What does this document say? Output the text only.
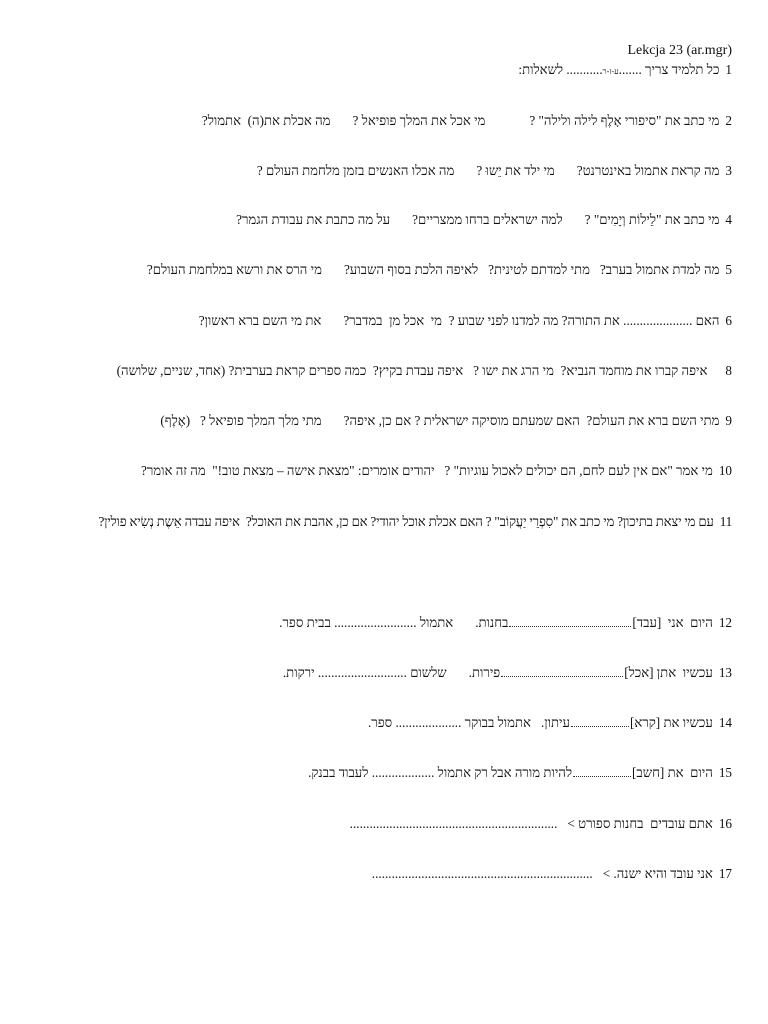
Lekcja 23 (ar.mgr)
1כל תלמיד צריך .......ע-ז-ר........... לשאלות:
2מי כתב את "סיפורי אָלֶף לילה ולילה" ?מי אכל את המלך פופיאל ?מה אכלת את(ה)  אתמול?
3מה קראת אתמול באינטרנט?מי ילד את יֵשוּ ?מה אכלו האנשים בזמן מלחמת העולם ?
4מי כתב את "לֵילוֹת וְיָמִים" ?למה ישראלים ברחו ממצריים?על מה כתבת את עבודת הגמר?
5מה למדת אתמול בערב?מתי למדתם לטינית?לאיפה הלכת בסוף השבוע?מי הרס את ורשא במלחמת העולם?
6האם ..................... את התורה? מה למדנו לפני שבוע ?  מי  אכל מן  במדבר?את מי השם ברא ראשון?
8איפה קברו את מוחמד הנביא?  מי הרג את ישו ?   איפה עבדת בקיץ?  כמה ספרים קראת בערבית? (אחד, שניים, שלושה)
9מתי השם ברא את העולם?  האם שמעתם מוסיקה ישראלית ? אם כן, איפה?מתי מלך המלך פופיאל ?   (אֶלֶף)
10מי אמר "אם אין לעם לחם, הם יכולים לאכול עוגיות" ?   יהודים אומרים: "מצאת אישה – מצאת טוב!"  מה זה אומר?
11עם מי יצאת בתיכון? מי כתב את "סִפְרֵי יַעֲקוֹב" ? האם אכלת אוכל יהודי? אם כן, אהבת את האוכל?  איפה עבדה אֵשֶת נְשִׂיא פולין?
12היום  אני  [עבד]בחנות.אתמול ......................... בבית ספר.
13עכשיו  אתן [אכל]פירות.שלשום ........................... ירקות.
14עכשיו את [קרא]עיתון.אתמול בבוקר .................... ספר.
15היום  את [חשב]להיות מורה אבל רק אתמול ................... לעבוד בבנק.
16אתם עובדים  בחנות ספורט >...............................................................
17אני עובד והיא ישנה. >...................................................................
